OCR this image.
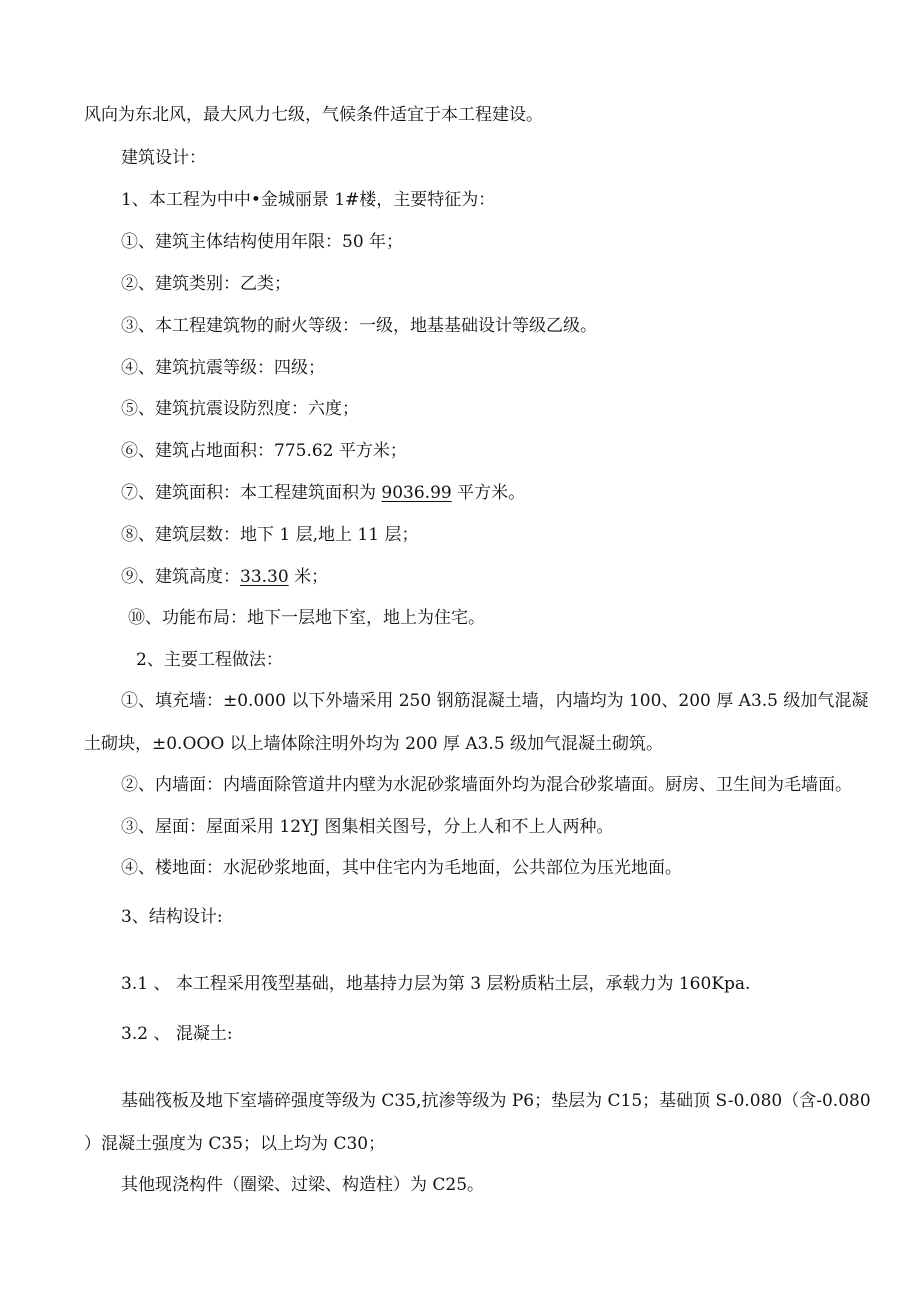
风向为东北风，最大风力七级，气候条件适宜于本工程建设。
建筑设计：
1、本工程为中中•金城丽景 1#楼，主要特征为：
①、建筑主体结构使用年限：50 年；
②、建筑类别：乙类；
③、本工程建筑物的耐火等级：一级，地基基础设计等级乙级。
④、建筑抗震等级：四级；
⑤、建筑抗震设防烈度：六度；
⑥、建筑占地面积：775.62 平方米；
⑦、建筑面积：本工程建筑面积为 9036.99 平方米。
⑧、建筑层数：地下 1 层,地上 11 层；
⑨、建筑高度：33.30 米；
⑩、功能布局：地下一层地下室，地上为住宅。
2、主要工程做法：
①、填充墙：±0.000 以下外墙采用 250 钢筋混凝土墙，内墙均为 100、200 厚 A3.5 级加气混凝
土砌块，±0.OOO 以上墙体除注明外均为 200 厚 A3.5 级加气混凝土砌筑。
②、内墙面：内墙面除管道井内壁为水泥砂浆墙面外均为混合砂浆墙面。厨房、卫生间为毛墙面。
③、屋面：屋面采用 12YJ 图集相关图号，分上人和不上人两种。
④、楼地面：水泥砂浆地面，其中住宅内为毛地面，公共部位为压光地面。
3、结构设计:
3.1 、 本工程采用筏型基础，地基持力层为第 3 层粉质粘土层，承载力为 160Kpa.
3.2 、 混凝土:
基础筏板及地下室墙碎强度等级为 C35,抗渗等级为 P6；垫层为 C15；基础顶 S-0.080（含-0.080
）混凝土强度为 C35；以上均为 C30；
其他现浇构件（圈梁、过梁、构造柱）为 C25。
